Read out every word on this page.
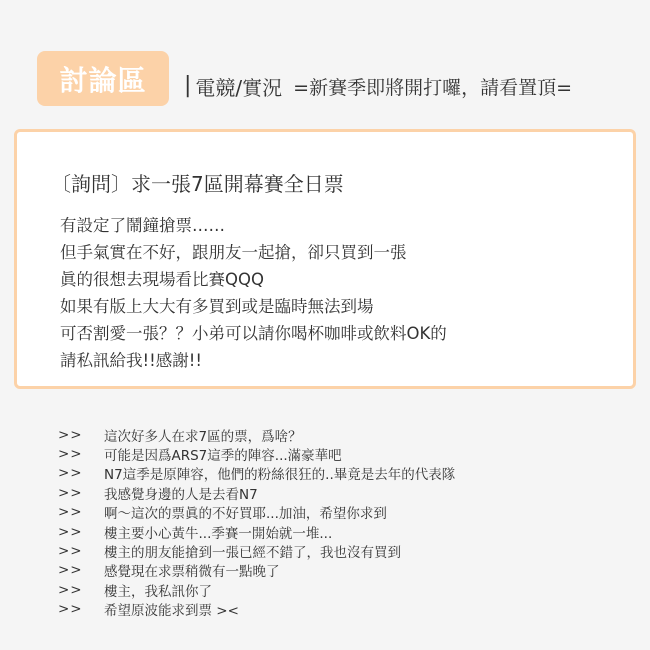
討論區	| 電競/實況 =新賽季即將開打囉，請看置頂=
〔詢問〕求一張7區開幕賽全日票
有設定了鬧鐘搶票……
但手氣實在不好，跟朋友一起搶，卻只買到一張
眞的很想去現場看比賽QQQ
如果有版上大大有多買到或是臨時無法到場
可否割愛一張？？小弟可以請你喝杯咖啡或飲料OK的
請私訊給我!!感謝!!
>>	這次好多人在求7區的票，爲啥？
>>	可能是因爲ARS7這季的陣容...滿豪華吧
>>	N7這季是原陣容，他們的粉絲很狂的..畢竟是去年的代表隊
>>	我感覺身邊的人是去看N7
>>	啊～這次的票眞的不好買耶...加油，希望你求到
>>	樓主要小心黃牛...季賽一開始就一堆...
>>	樓主的朋友能搶到一張已經不錯了，我也沒有買到
>>	感覺現在求票稍微有一點晚了
>>	樓主，我私訊你了
>>	希望原波能求到票 ><
